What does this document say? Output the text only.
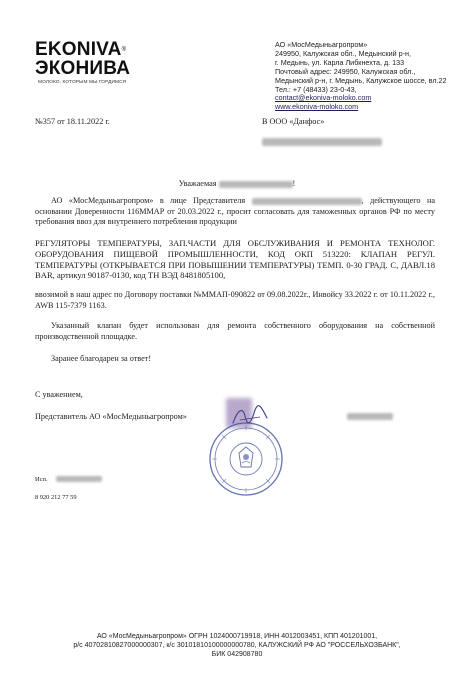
EKONIVA®
ЭКОНИВА
МОЛОКО, КОТОРЫМ МЫ ГОРДИМСЯ
АО «МосМедыньагропром»
249950, Калужская обл., Медынский р-н,
г. Медынь, ул. Карла Либкнехта, д. 133
Почтовый адрес: 249950, Калужская обл.,
Медынский р-н, г. Медынь, Калужское шоссе, вл.22
Тел.: +7 (48433) 23-0-43,
contact@ekoniva-moloko.com
www.ekoniva-moloko.com
№357 от 18.11.2022 г.	В ООО «Данфос»
Уважаемая	!
АО «МосМедыньагропром» в лице Представителя	, действующего на основании Доверенности 116ММАР от 20.03.2022 г., просит согласовать для таможенных органов РФ по месту требования ввоз для внутреннего потребления продукции
РЕГУЛЯТОРЫ ТЕМПЕРАТУРЫ, ЗАП.ЧАСТИ ДЛЯ ОБСЛУЖИВАНИЯ И РЕМОНТА ТЕХНОЛОГ. ОБОРУДОВАНИЯ ПИЩЕВОЙ ПРОМЫШЛЕННОСТИ, КОД ОКП 513220: КЛАПАН РЕГУЛ. ТЕМПЕРАТУРЫ (ОТКРЫВАЕТСЯ ПРИ ПОВЫШЕНИИ ТЕМПЕРАТУРЫ) ТЕМП. 0-30 ГРАД. С, ДАВЛ.18 BAR, артикул 90187-0130, код ТН ВЭД 8481805100,
ввозимой в наш адрес по Договору поставки №ММАП-090822 от 09.08.2022г., Инвойсу 33.2022 г. от 10.11.2022 г., AWB 115-7379 1163.
Указанный клапан будет использован для ремонта собственного оборудования на собственной производственной площадке.
Заранее благодарен за ответ!
С уважением,
Представитель АО «МосМедыньагропром»
Исп.
8 920 212 77 59
АО «МосМедыньагропром» ОГРН 1024000719918, ИНН 4012003451, КПП 401201001,
р/с 40702810827000000307, к/с 30101810100000000780, КАЛУЖСКИЙ РФ АО "РОССЕЛЬХОЗБАНК",
БИК 042908780
